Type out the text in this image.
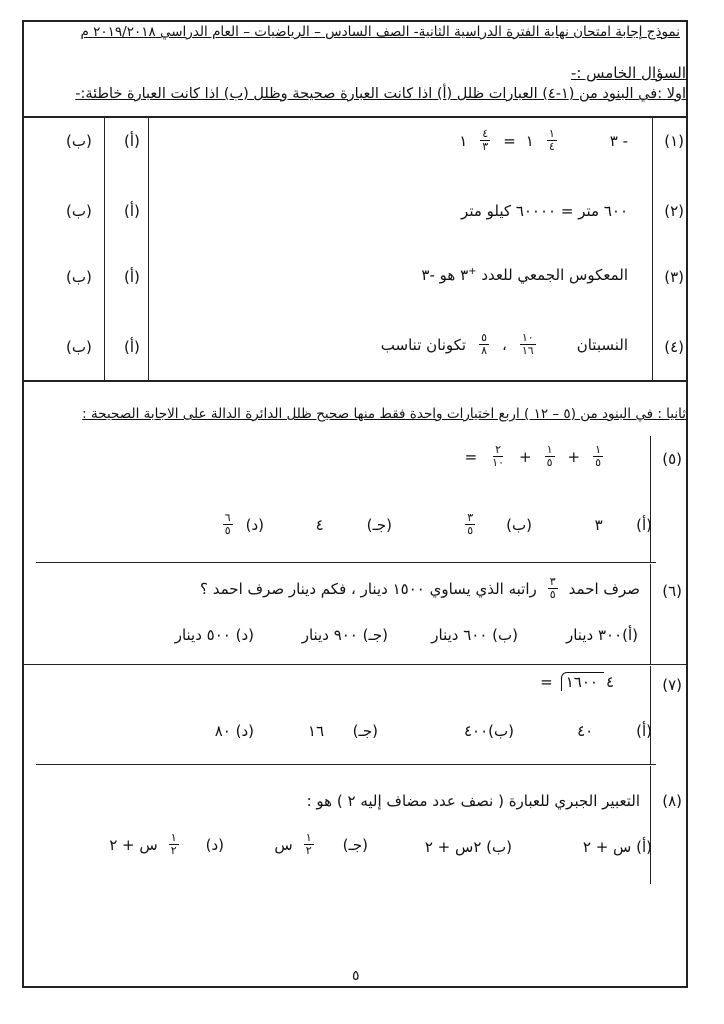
نموذج إجابة امتحان نهاية الفترة الدراسية الثانية- الصف السادس – الرياضيات – العام الدراسي ٢٠١٩/٢٠١٨ م
السؤال الخامس :-
اولا :في البنود من (١-٤) العبارات ظلل (أ) اذا كانت العبارة صحيحة وظلل (ب) اذا كانت العبارة خاطئة:-
(١)
١ $\frac{٤}{٣}$ = ١ $\frac{١}{٤}$	٣ -
(أ)
(ب)
(٢)
٦٠٠ متر = ٦٠٠٠٠ كيلو متر
(أ)
(ب)
(٣)
المعكوس الجمعي للعدد +٣ هو -٣
(أ)
(ب)
(٤)
النسبتان
$\frac{١٠}{١٦}$
،
$\frac{٥}{٨}$
تكونان تناسب
(أ)
(ب)
ثانيا : في البنود من (٥ – ١٢ ) اربع اختيارات واحدة فقط منها صحيح ظلل الدائرة الدالة على الاجابة الصحيحة :
(٥)
= $\frac{٢}{١٠} + \frac{١}{٥} + \frac{١}{٥}$
(أ)       ٣
(ب)
$\frac{٣}{٥}$
(جـ)         ٤
(د)
$\frac{٦}{٥}$
(٦)
صرف احمد
$\frac{٣}{٥}$
راتبه الذي يساوي ١٥٠٠ دينار ، فكم دينار صرف احمد ؟
(أ)٣٠٠ دينار
(ب) ٦٠٠ دينار
(جـ) ٩٠٠ دينار
(د) ٥٠٠ دينار
(٧)
= ١٦٠٠ ٤
(أ)         ٤٠
(ب)٤٠٠
(جـ)      ١٦
(د) ٨٠
(٨)
التعبير الجبري للعبارة ( نصف عدد مضاف إليه ٢ ) هو :
(أ) س + ٢
(ب) ٢س + ٢
(جـ)
$\frac{١}{٢}$
س
(د)
$\frac{١}{٢}$
س + ٢
٥
